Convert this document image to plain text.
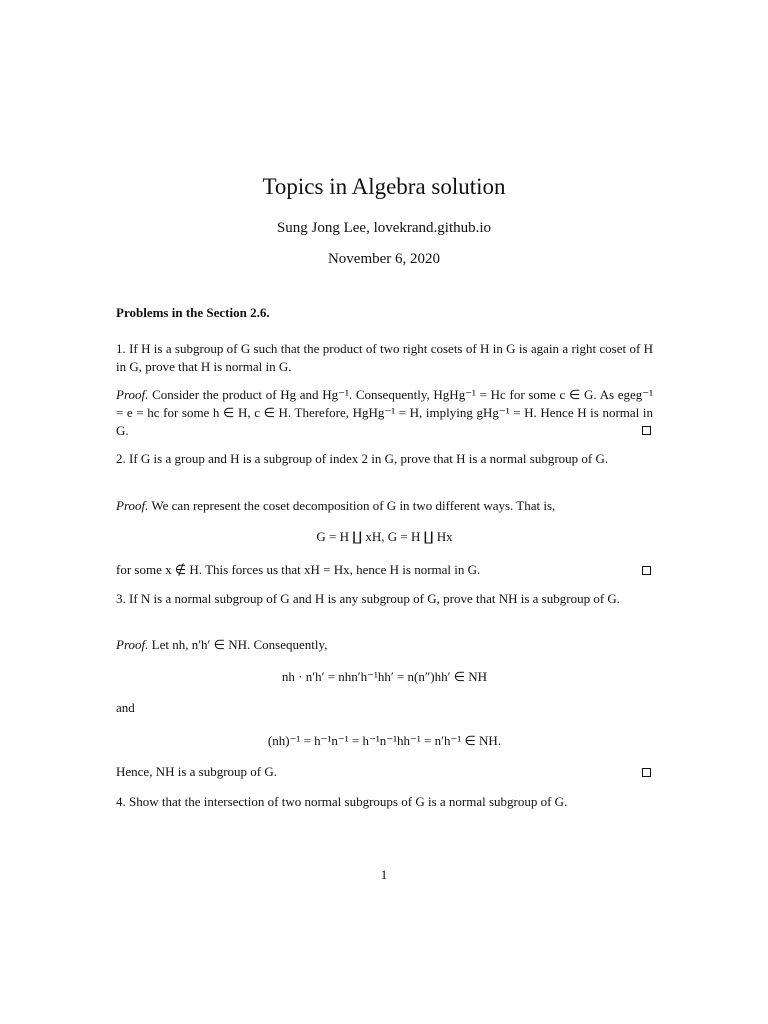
Topics in Algebra solution
Sung Jong Lee, lovekrand.github.io
November 6, 2020
Problems in the Section 2.6.
1. If H is a subgroup of G such that the product of two right cosets of H in G is again a right coset of H in G, prove that H is normal in G.
Proof. Consider the product of Hg and Hg⁻¹. Consequently, HgHg⁻¹ = Hc for some c ∈ G. As egeg⁻¹ = e = hc for some h ∈ H, c ∈ H. Therefore, HgHg⁻¹ = H, implying gHg⁻¹ = H. Hence H is normal in G.
2. If G is a group and H is a subgroup of index 2 in G, prove that H is a normal subgroup of G.
Proof. We can represent the coset decomposition of G in two different ways. That is,
G = H ∐ xH, G = H ∐ Hx
for some x ∉ H. This forces us that xH = Hx, hence H is normal in G.
3. If N is a normal subgroup of G and H is any subgroup of G, prove that NH is a subgroup of G.
Proof. Let nh, n′h′ ∈ NH. Consequently,
nh · n′h′ = nhn′h⁻¹hh′ = n(n″)hh′ ∈ NH
and
(nh)⁻¹ = h⁻¹n⁻¹ = h⁻¹n⁻¹hh⁻¹ = n′h⁻¹ ∈ NH.
Hence, NH is a subgroup of G.
4. Show that the intersection of two normal subgroups of G is a normal subgroup of G.
1
